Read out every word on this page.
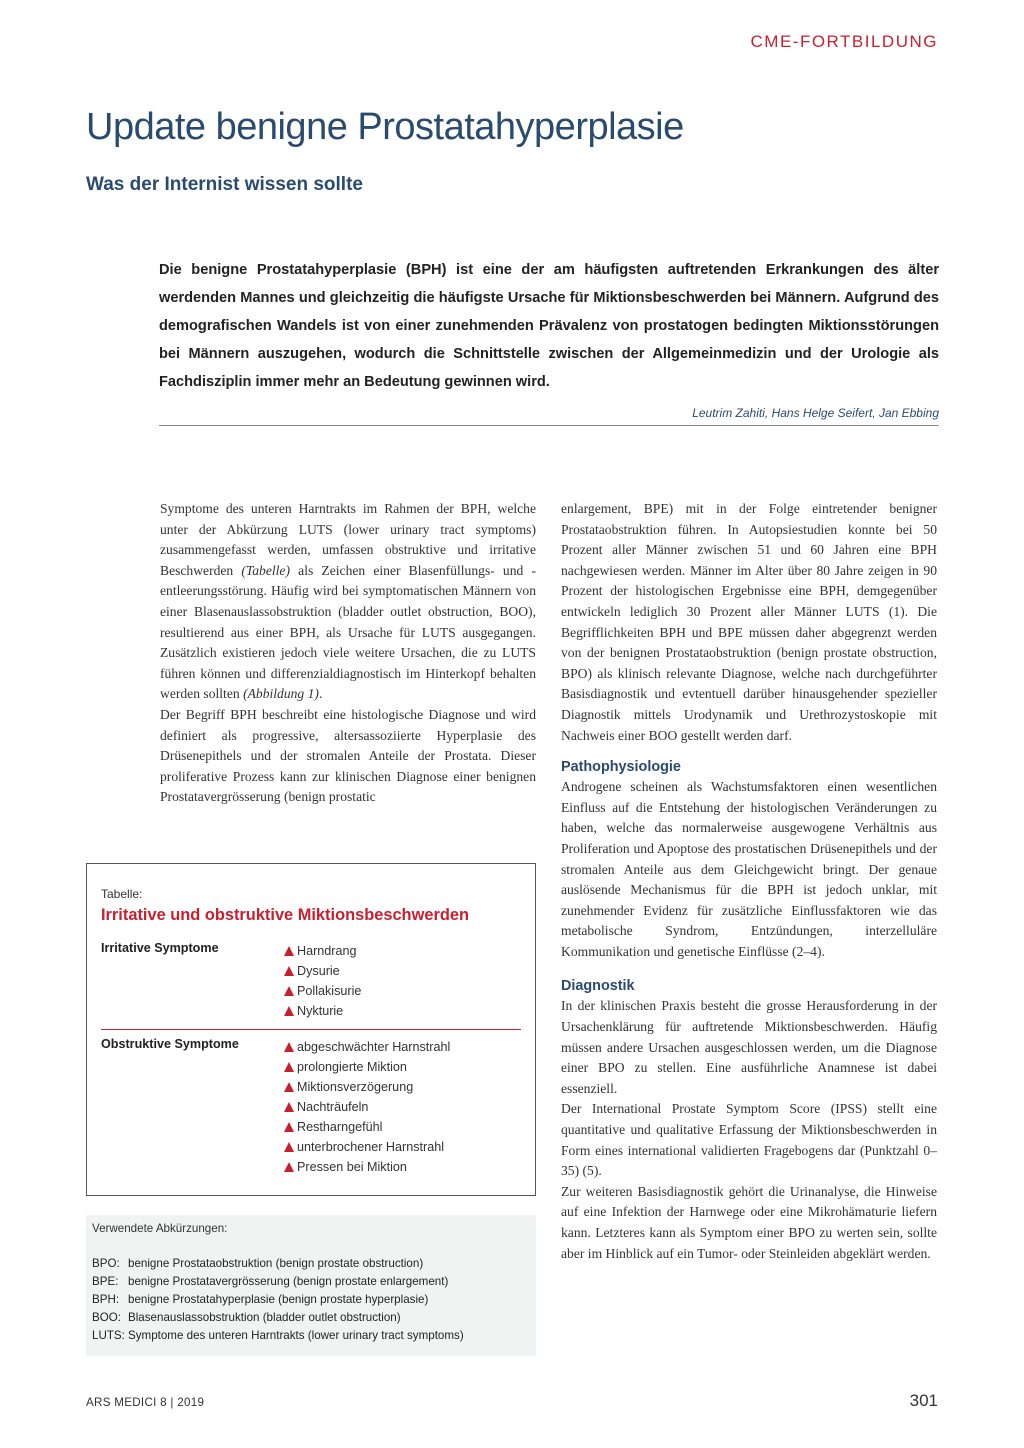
CME-FORTBILDUNG
Update benigne Prostatahyperplasie
Was der Internist wissen sollte

Die benigne Prostatahyperplasie (BPH) ist eine der am häufigsten auftretenden Erkrankungen des älter werdenden Mannes und gleichzeitig die häufigste Ursache für Miktionsbeschwerden bei Männern. Aufgrund des demografischen Wandels ist von einer zunehmenden Prävalenz von prostatogen bedingten Miktionsstörungen bei Männern auszugehen, wodurch die Schnittstelle zwischen der Allgemeinmedizin und der Urologie als Fachdisziplin immer mehr an Bedeutung gewinnen wird.

Leutrim Zahiti, Hans Helge Seifert, Jan Ebbing

Symptome des unteren Harntrakts im Rahmen der BPH, welche unter der Abkürzung LUTS (lower urinary tract symptoms) zusammengefasst werden, umfassen obstruktive und irritative Beschwerden (Tabelle) als Zeichen einer Blasenfüllungs- und -entleerungsstörung. Häufig wird bei symptomatischen Männern von einer Blasenauslassobstruktion (bladder outlet obstruction, BOO), resultierend aus einer BPH, als Ursache für LUTS ausgegangen. Zusätzlich existieren jedoch viele weitere Ursachen, die zu LUTS führen können und differenzialdiagnostisch im Hinterkopf behalten werden sollten (Abbildung 1).

Der Begriff BPH beschreibt eine histologische Diagnose und wird definiert als progressive, altersassoziierte Hyperplasie des Drüsenepithels und der stromalen Anteile der Prostata. Dieser proliferative Prozess kann zur klinischen Diagnose einer benignen Prostatavergrösserung (benign prostatic

enlargement, BPE) mit in der Folge eintretender benigner Prostataobstruktion führen. In Autopsiestudien konnte bei 50 Prozent aller Männer zwischen 51 und 60 Jahren eine BPH nachgewiesen werden. Männer im Alter über 80 Jahre zeigen in 90 Prozent der histologischen Ergebnisse eine BPH, demgegenüber entwickeln lediglich 30 Prozent aller Männer LUTS (1). Die Begrifflichkeiten BPH und BPE müssen daher abgegrenzt werden von der benignen Prostataobstruktion (benign prostate obstruction, BPO) als klinisch relevante Diagnose, welche nach durchgeführter Basisdiagnostik und evtentuell darüber hinausgehender spezieller Diagnostik mittels Urodynamik und Urethrozystoskopie mit Nachweis einer BOO gestellt werden darf.

Pathophysiologie

Androgene scheinen als Wachstumsfaktoren einen wesentlichen Einfluss auf die Entstehung der histologischen Veränderungen zu haben, welche das normalerweise ausgewogene Verhältnis aus Proliferation und Apoptose des prostatischen Drüsenepithels und der stromalen Anteile aus dem Gleichgewicht bringt. Der genaue auslösende Mechanismus für die BPH ist jedoch unklar, mit zunehmender Evidenz für zusätzliche Einflussfaktoren wie das metabolische Syndrom, Entzündungen, interzelluläre Kommunikation und genetische Einflüsse (2–4).

Diagnostik

In der klinischen Praxis besteht die grosse Herausforderung in der Ursachenklärung für auftretende Miktionsbeschwerden. Häufig müssen andere Ursachen ausgeschlossen werden, um die Diagnose einer BPO zu stellen. Eine ausführliche Anamnese ist dabei essenziell.

Der International Prostate Symptom Score (IPSS) stellt eine quantitative und qualitative Erfassung der Miktionsbeschwerden in Form eines international validierten Fragebogens dar (Punktzahl 0–35) (5).

Zur weiteren Basisdiagnostik gehört die Urinanalyse, die Hinweise auf eine Infektion der Harnwege oder eine Mikrohämaturie liefern kann. Letzteres kann als Symptom einer BPO zu werten sein, sollte aber im Hinblick auf ein Tumor- oder Steinleiden abgeklärt werden.

Tabelle:
Irritative und obstruktive Miktionsbeschwerden
Irritative Symptome	Harndrang
Dysurie
Pollakisurie
Nykturie
Obstruktive Symptome	abgeschwächter Harnstrahl
prolongierte Miktion
Miktionsverzögerung
Nachträufeln
Restharngefühl
unterbrochener Harnstrahl
Pressen bei Miktion
Verwendete Abkürzungen:
BPO: benigne Prostataobstruktion (benign prostate obstruction)
BPE: benigne Prostatavergrösserung (benign prostate enlargement)
BPH: benigne Prostatahyperplasie (benign prostate hyperplasie)
BOO: Blasenauslassobstruktion (bladder outlet obstruction)
LUTS: Symptome des unteren Harntrakts (lower urinary tract symptoms)
ARS MEDICI 8 | 2019	301
